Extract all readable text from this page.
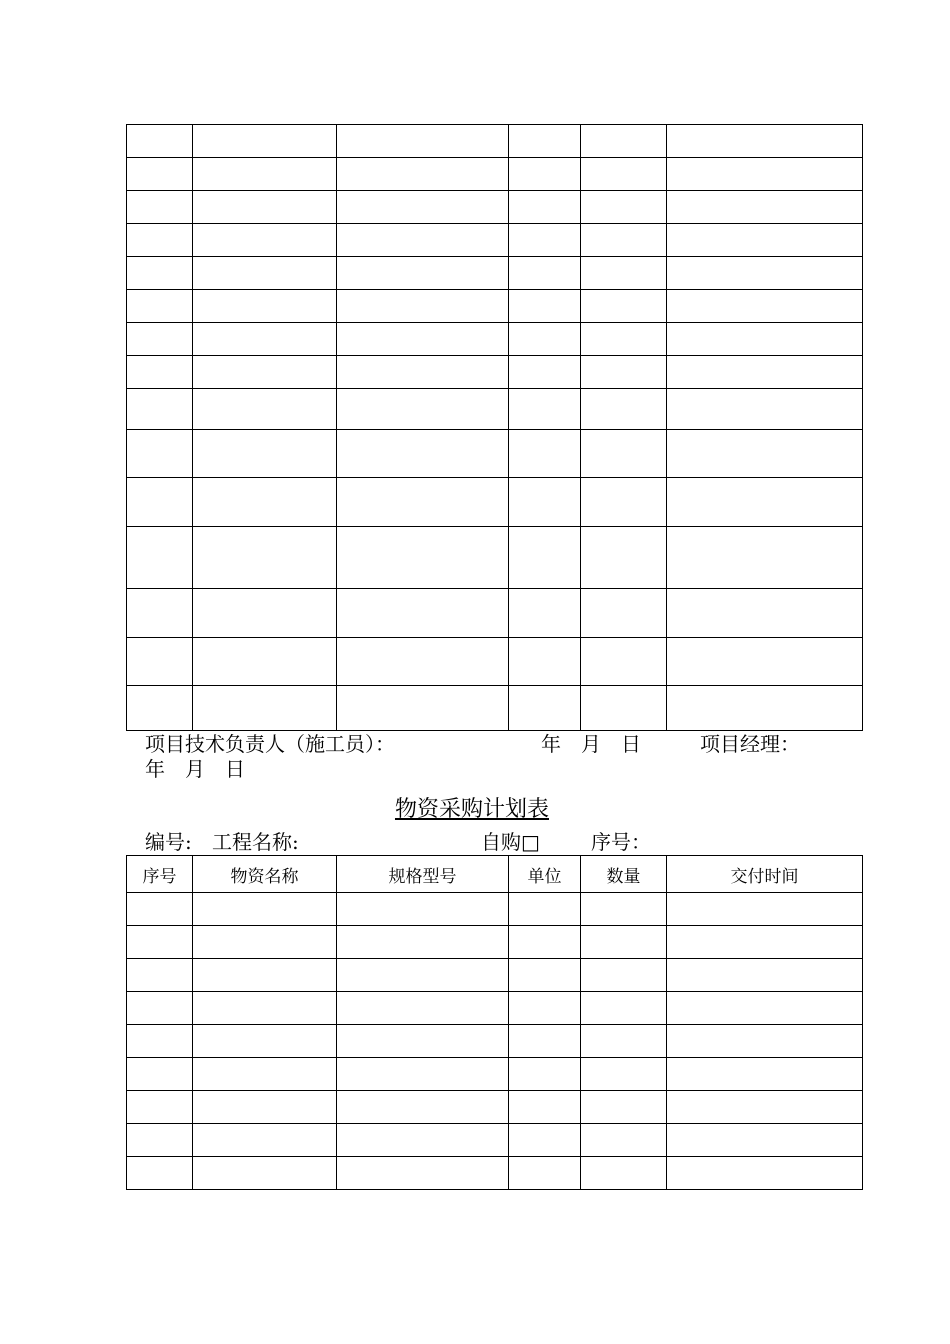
项目技术负责人（施工员）：	年　月　日	项目经理：
年　月　日
物资采购计划表
编号: 工程名称:	自购□	序号：
序号	物资名称	规格型号	单位	数量	交付时间
